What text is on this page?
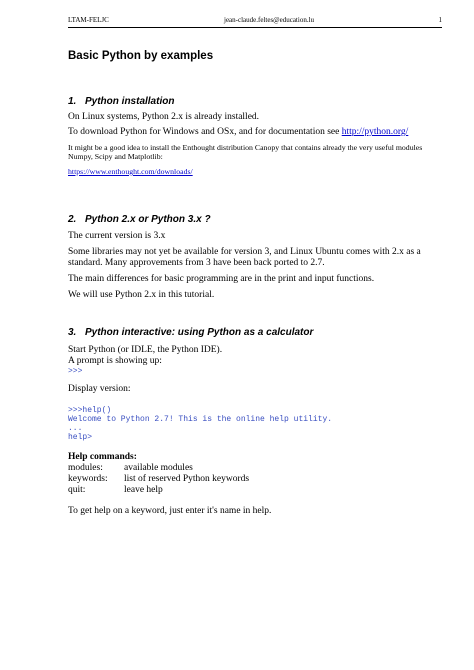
LTAM-FELJC	jean-claude.feltes@education.lu	1
Basic Python by examples
1. Python installation

On Linux systems, Python 2.x is already installed.

To download Python for Windows and OSx, and for documentation see http://python.org/

It might be a good idea to install the Enthought distribution Canopy that contains already the very useful modules Numpy, Scipy and Matplotlib:

https://www.enthought.com/downloads/

2. Python 2.x or Python 3.x ?

The current version is 3.x

Some libraries may not yet be available for version 3, and Linux Ubuntu comes with 2.x as a standard. Many approvements from 3 have been back ported to 2.7.

The main differences for basic programming are in the print and input functions.

We will use Python 2.x in this tutorial.

3. Python interactive: using Python as a calculator

Start Python (or IDLE, the Python IDE).

A prompt is showing up:

>>>

Display version:

>>>help()
Welcome to Python 2.7! This is the online help utility.
...
help>

Help commands:

modules: available modules
keywords: list of reserved Python keywords
quit:	leave help

To get help on a keyword, just enter it's name in help.
